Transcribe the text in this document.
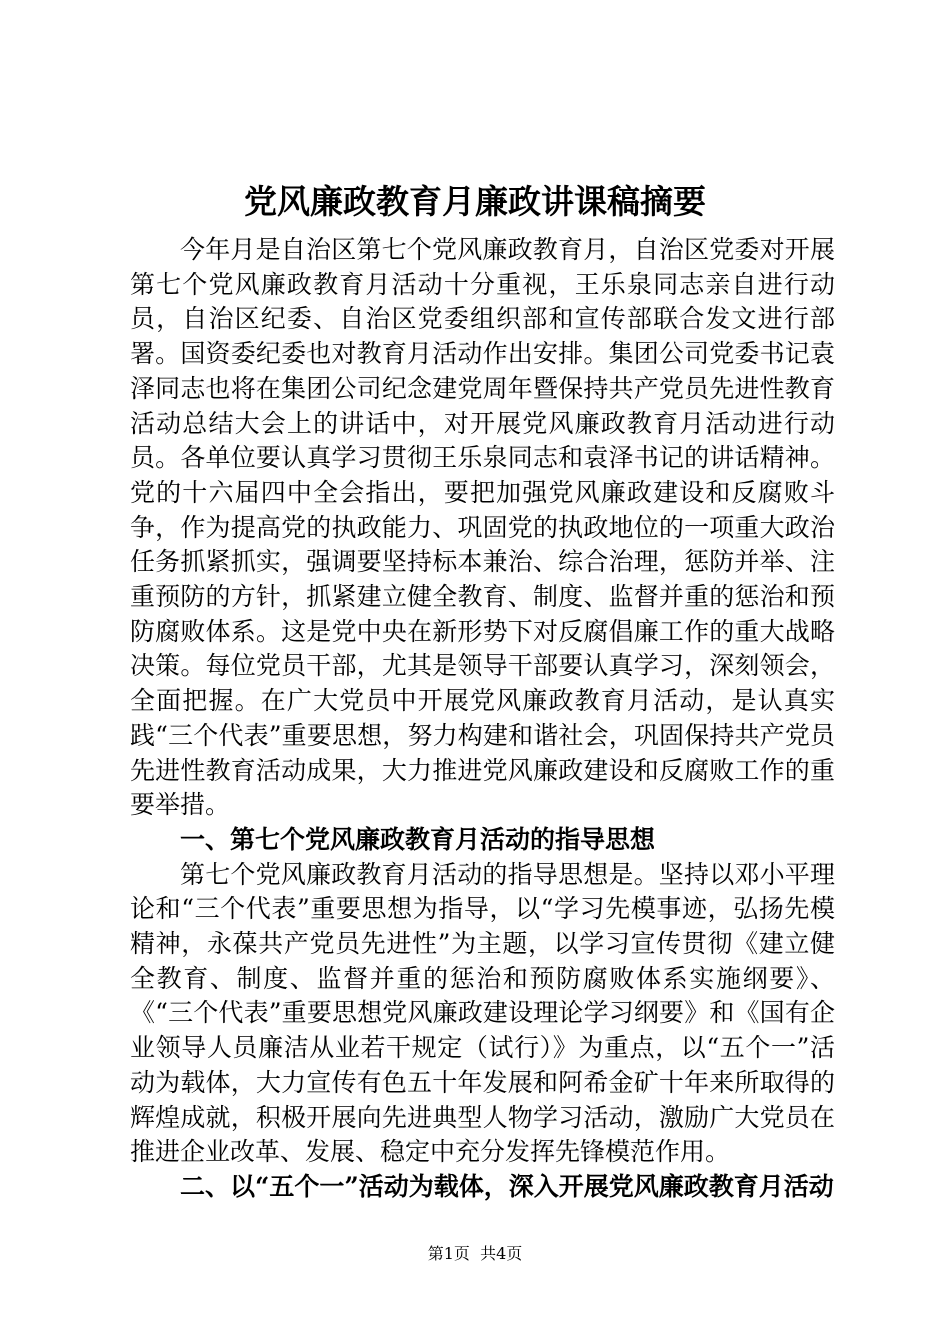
党风廉政教育月廉政讲课稿摘要

今年月是自治区第七个党风廉政教育月，自治区党委对开展第七个党风廉政教育月活动十分重视，王乐泉同志亲自进行动员，自治区纪委、自治区党委组织部和宣传部联合发文进行部署。国资委纪委也对教育月活动作出安排。集团公司党委书记袁泽同志也将在集团公司纪念建党周年暨保持共产党员先进性教育活动总结大会上的讲话中，对开展党风廉政教育月活动进行动员。各单位要认真学习贯彻王乐泉同志和袁泽书记的讲话精神。党的十六届四中全会指出，要把加强党风廉政建设和反腐败斗争，作为提高党的执政能力、巩固党的执政地位的一项重大政治任务抓紧抓实，强调要坚持标本兼治、综合治理，惩防并举、注重预防的方针，抓紧建立健全教育、制度、监督并重的惩治和预防腐败体系。这是党中央在新形势下对反腐倡廉工作的重大战略决策。每位党员干部，尤其是领导干部要认真学习，深刻领会，全面把握。在广大党员中开展党风廉政教育月活动，是认真实践“三个代表”重要思想，努力构建和谐社会，巩固保持共产党员先进性教育活动成果，大力推进党风廉政建设和反腐败工作的重要举措。

一、第七个党风廉政教育月活动的指导思想

第七个党风廉政教育月活动的指导思想是。坚持以邓小平理论和“三个代表”重要思想为指导，以“学习先模事迹，弘扬先模精神，永葆共产党员先进性”为主题，以学习宣传贯彻《建立健全教育、制度、监督并重的惩治和预防腐败体系实施纲要》、《“三个代表”重要思想党风廉政建设理论学习纲要》和《国有企业领导人员廉洁从业若干规定（试行）》为重点，以“五个一”活动为载体，大力宣传有色五十年发展和阿希金矿十年来所取得的辉煌成就，积极开展向先进典型人物学习活动，激励广大党员在推进企业改革、发展、稳定中充分发挥先锋模范作用。

二、以“五个一”活动为载体，深入开展党风廉政教育月活动

第1页 共4页
